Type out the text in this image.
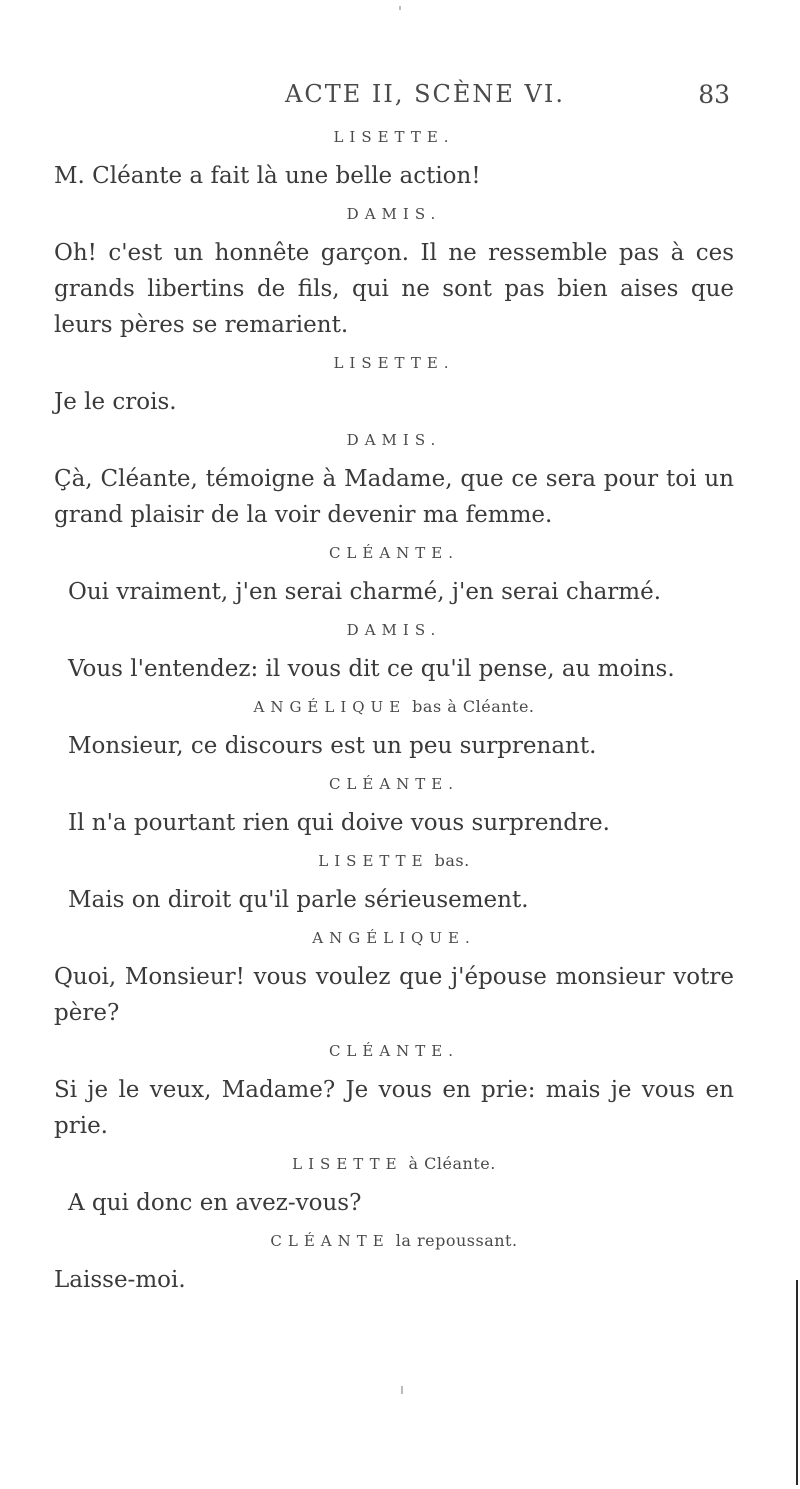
ACTE II, SCÈNE VI.	83
LISETTE.

M. Cléante a fait là une belle action!

DAMIS.

Oh! c'est un honnête garçon. Il ne ressemble pas à ces grands libertins de fils, qui ne sont pas bien aises que leurs pères se remarient.

LISETTE.

Je le crois.

DAMIS.

Çà, Cléante, témoigne à Madame, que ce sera pour toi un grand plaisir de la voir devenir ma femme.

CLÉANTE.

Oui vraiment, j'en serai charmé, j'en serai charmé.

DAMIS.

Vous l'entendez: il vous dit ce qu'il pense, au moins.

ANGÉLIQUE bas à Cléante.

Monsieur, ce discours est un peu surprenant.

CLÉANTE.

Il n'a pourtant rien qui doive vous surprendre.

LISETTE bas.

Mais on diroit qu'il parle sérieusement.

ANGÉLIQUE.

Quoi, Monsieur! vous voulez que j'épouse monsieur votre père?

CLÉANTE.

Si je le veux, Madame? Je vous en prie: mais je vous en prie.

LISETTE à Cléante.

A qui donc en avez-vous?

CLÉANTE la repoussant.

Laisse-moi.
